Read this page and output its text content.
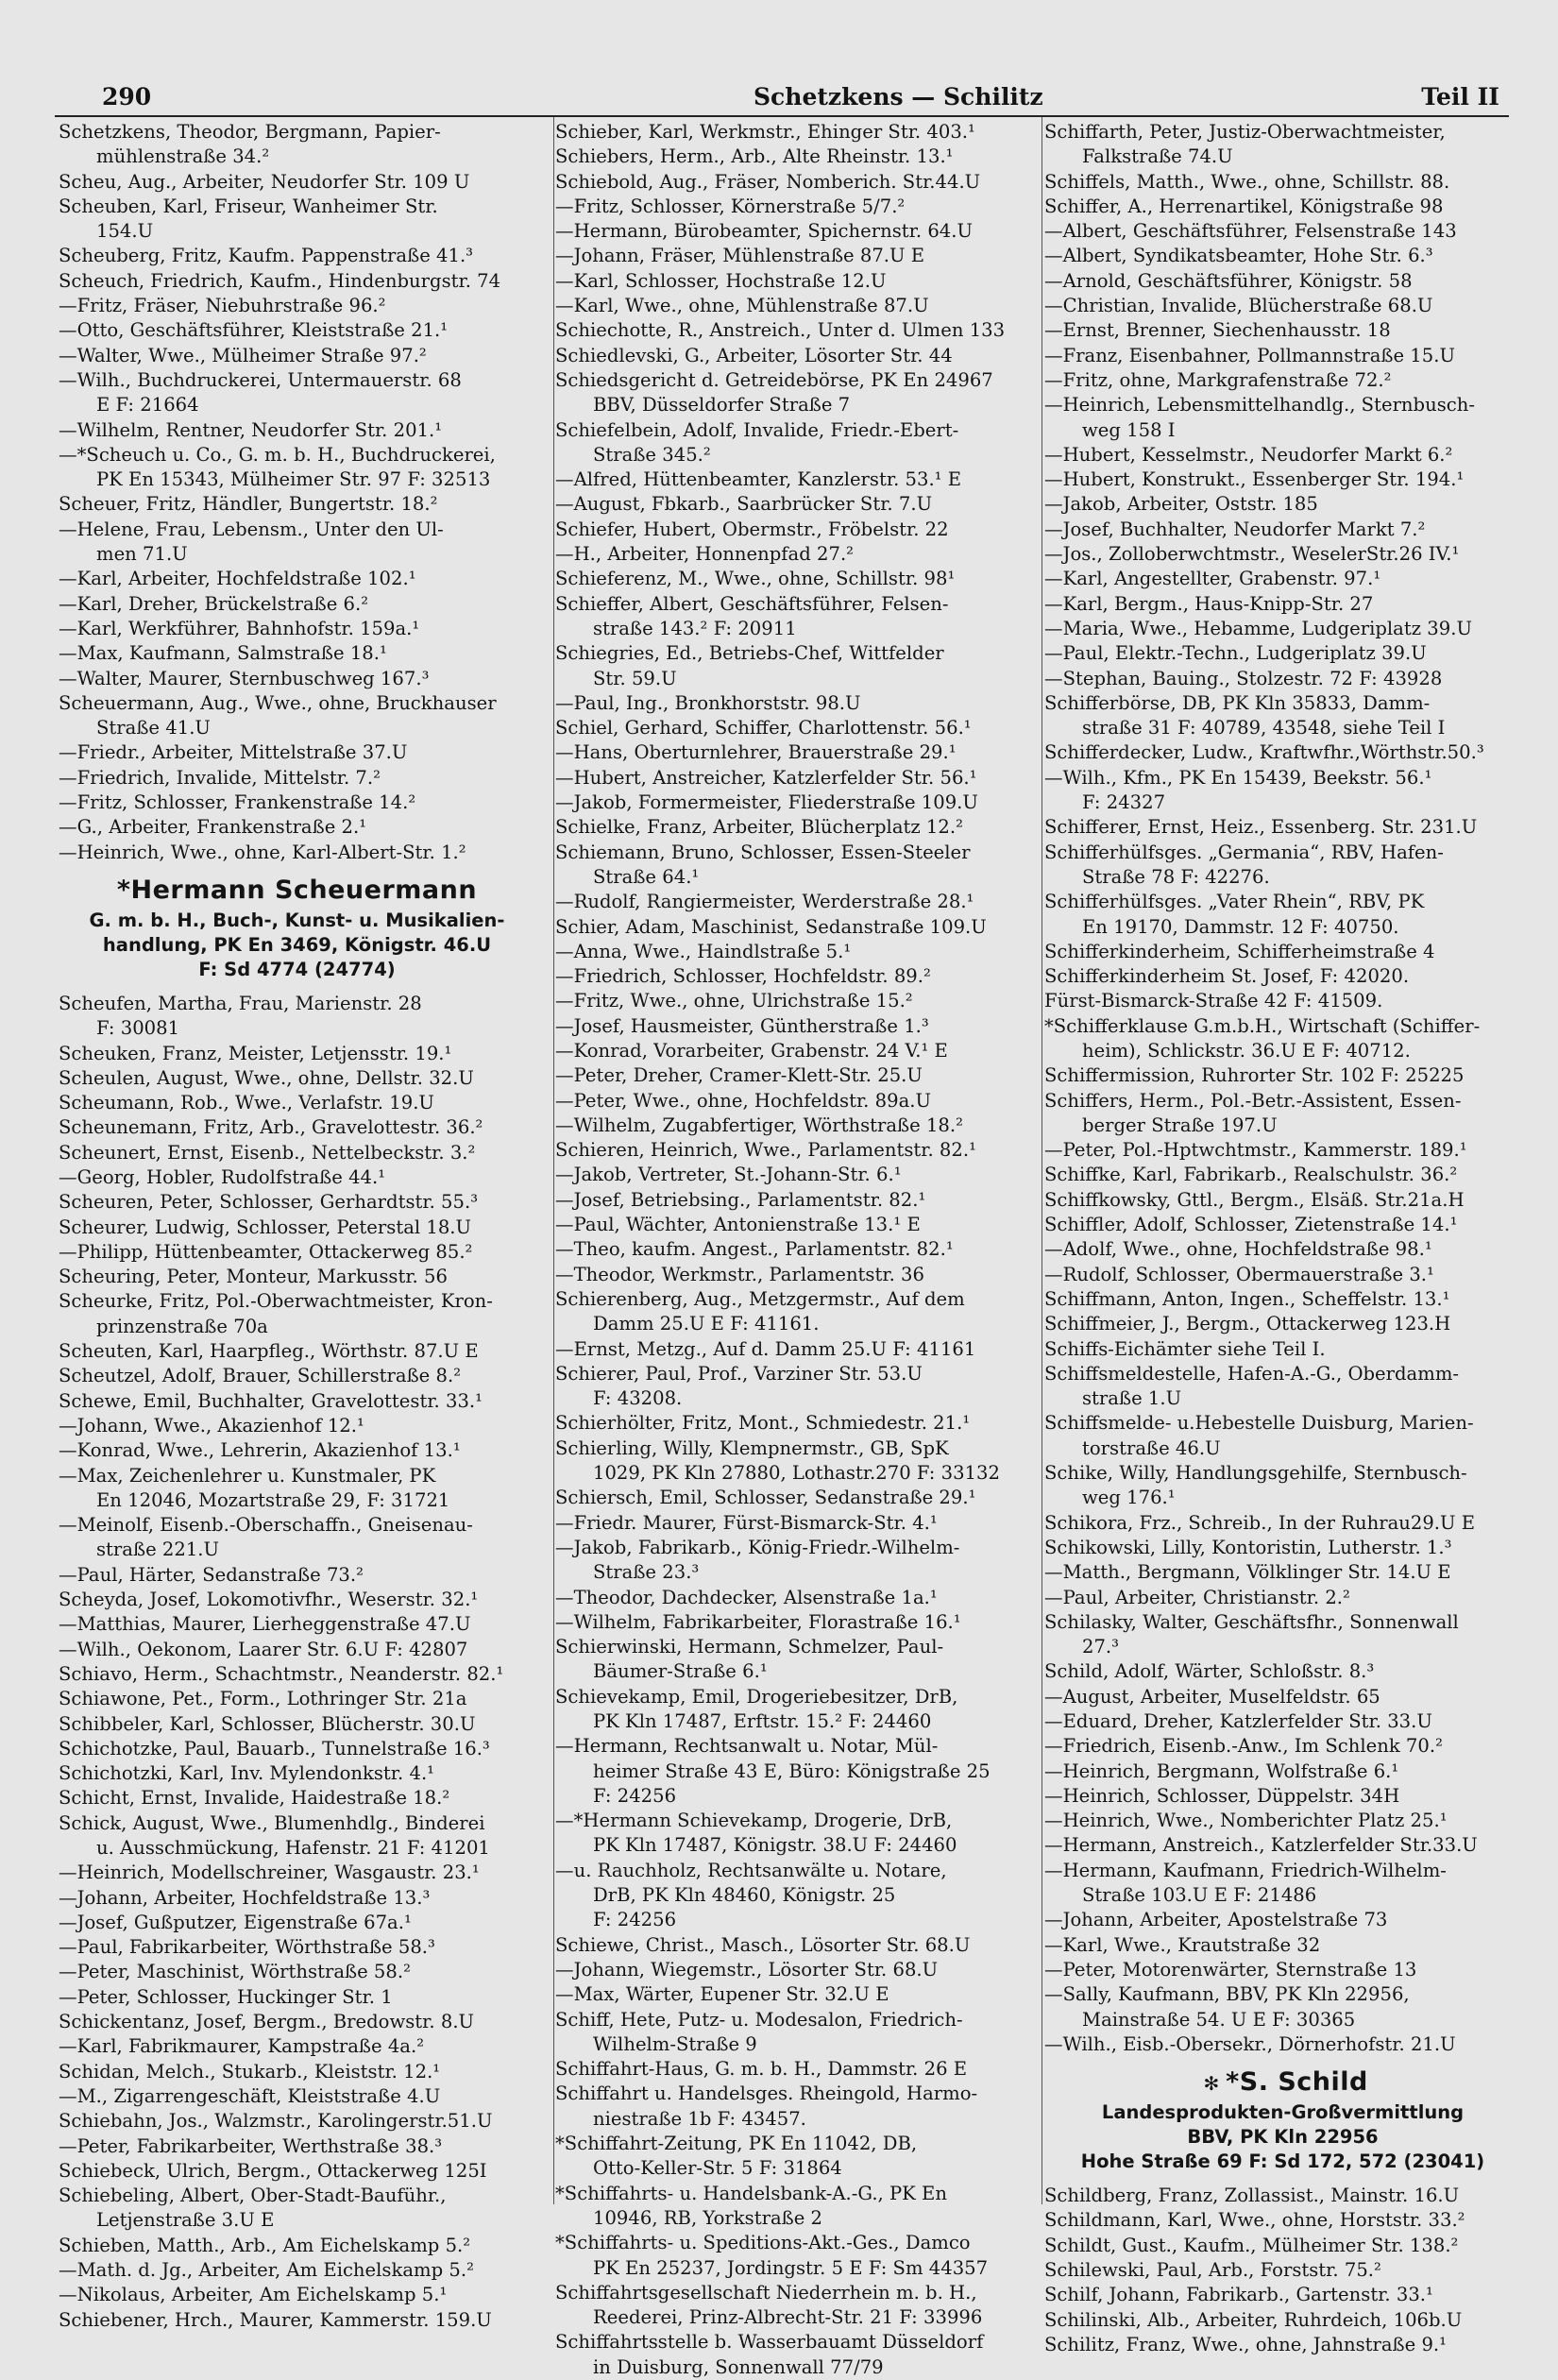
290	Schetzkens — Schilitz	Teil II
Schetzkens, Theodor, Bergmann, Papier-
mühlenstraße 34.²
Scheu, Aug., Arbeiter, Neudorfer Str. 109 U
Scheuben, Karl, Friseur, Wanheimer Str.
154.U
Scheuberg, Fritz, Kaufm. Pappenstraße 41.³
Scheuch, Friedrich, Kaufm., Hindenburgstr. 74
—Fritz, Fräser, Niebuhrstraße 96.²
—Otto, Geschäftsführer, Kleiststraße 21.¹
—Walter, Wwe., Mülheimer Straße 97.²
—Wilh., Buchdruckerei, Untermauerstr. 68
E F: 21664
—Wilhelm, Rentner, Neudorfer Str. 201.¹
—*Scheuch u. Co., G. m. b. H., Buchdruckerei,
PK En 15343, Mülheimer Str. 97 F: 32513
Scheuer, Fritz, Händler, Bungertstr. 18.²
—Helene, Frau, Lebensm., Unter den Ul-
men 71.U
—Karl, Arbeiter, Hochfeldstraße 102.¹
—Karl, Dreher, Brückelstraße 6.²
—Karl, Werkführer, Bahnhofstr. 159a.¹
—Max, Kaufmann, Salmstraße 18.¹
—Walter, Maurer, Sternbuschweg 167.³
Scheuermann, Aug., Wwe., ohne, Bruckhauser
Straße 41.U
—Friedr., Arbeiter, Mittelstraße 37.U
—Friedrich, Invalide, Mittelstr. 7.²
—Fritz, Schlosser, Frankenstraße 14.²
—G., Arbeiter, Frankenstraße 2.¹
—Heinrich, Wwe., ohne, Karl-Albert-Str. 1.²
*Hermann Scheuermann
G. m. b. H., Buch-, Kunst- u. Musikalien-
handlung, PK En 3469, Königstr. 46.U
F: Sd 4774 (24774)
Scheufen, Martha, Frau, Marienstr. 28
F: 30081
Scheuken, Franz, Meister, Letjensstr. 19.¹
Scheulen, August, Wwe., ohne, Dellstr. 32.U
Scheumann, Rob., Wwe., Verlafstr. 19.U
Scheunemann, Fritz, Arb., Gravelottestr. 36.²
Scheunert, Ernst, Eisenb., Nettelbeckstr. 3.²
—Georg, Hobler, Rudolfstraße 44.¹
Scheuren, Peter, Schlosser, Gerhardtstr. 55.³
Scheurer, Ludwig, Schlosser, Peterstal 18.U
—Philipp, Hüttenbeamter, Ottackerweg 85.²
Scheuring, Peter, Monteur, Markusstr. 56
Scheurke, Fritz, Pol.-Oberwachtmeister, Kron-
prinzenstraße 70a
Scheuten, Karl, Haarpfleg., Wörthstr. 87.U E
Scheutzel, Adolf, Brauer, Schillerstraße 8.²
Schewe, Emil, Buchhalter, Gravelottestr. 33.¹
—Johann, Wwe., Akazienhof 12.¹
—Konrad, Wwe., Lehrerin, Akazienhof 13.¹
—Max, Zeichenlehrer u. Kunstmaler, PK
En 12046, Mozartstraße 29, F: 31721
—Meinolf, Eisenb.-Oberschaffn., Gneisenau-
straße 221.U
—Paul, Härter, Sedanstraße 73.²
Scheyda, Josef, Lokomotivfhr., Weserstr. 32.¹
—Matthias, Maurer, Lierheggenstraße 47.U
—Wilh., Oekonom, Laarer Str. 6.U F: 42807
Schiavo, Herm., Schachtmstr., Neanderstr. 82.¹
Schiawone, Pet., Form., Lothringer Str. 21a
Schibbeler, Karl, Schlosser, Blücherstr. 30.U
Schichotzke, Paul, Bauarb., Tunnelstraße 16.³
Schichotzki, Karl, Inv. Mylendonkstr. 4.¹
Schicht, Ernst, Invalide, Haidestraße 18.²
Schick, August, Wwe., Blumenhdlg., Binderei
u. Ausschmückung, Hafenstr. 21 F: 41201
—Heinrich, Modellschreiner, Wasgaustr. 23.¹
—Johann, Arbeiter, Hochfeldstraße 13.³
—Josef, Gußputzer, Eigenstraße 67a.¹
—Paul, Fabrikarbeiter, Wörthstraße 58.³
—Peter, Maschinist, Wörthstraße 58.²
—Peter, Schlosser, Huckinger Str. 1
Schickentanz, Josef, Bergm., Bredowstr. 8.U
—Karl, Fabrikmaurer, Kampstraße 4a.²
Schidan, Melch., Stukarb., Kleiststr. 12.¹
—M., Zigarrengeschäft, Kleiststraße 4.U
Schiebahn, Jos., Walzmstr., Karolingerstr.51.U
—Peter, Fabrikarbeiter, Werthstraße 38.³
Schiebeck, Ulrich, Bergm., Ottackerweg 125I
Schiebeling, Albert, Ober-Stadt-Bauführ.,
Letjenstraße 3.U E
Schieben, Matth., Arb., Am Eichelskamp 5.²
—Math. d. Jg., Arbeiter, Am Eichelskamp 5.²
—Nikolaus, Arbeiter, Am Eichelskamp 5.¹
Schiebener, Hrch., Maurer, Kammerstr. 159.U
Schieber, Karl, Werkmstr., Ehinger Str. 403.¹
Schiebers, Herm., Arb., Alte Rheinstr. 13.¹
Schiebold, Aug., Fräser, Nomberich. Str.44.U
—Fritz, Schlosser, Körnerstraße 5/7.²
—Hermann, Bürobeamter, Spichernstr. 64.U
—Johann, Fräser, Mühlenstraße 87.U E
—Karl, Schlosser, Hochstraße 12.U
—Karl, Wwe., ohne, Mühlenstraße 87.U
Schiechotte, R., Anstreich., Unter d. Ulmen 133
Schiedlevski, G., Arbeiter, Lösorter Str. 44
Schiedsgericht d. Getreidebörse, PK En 24967
BBV, Düsseldorfer Straße 7
Schiefelbein, Adolf, Invalide, Friedr.-Ebert-
Straße 345.²
—Alfred, Hüttenbeamter, Kanzlerstr. 53.¹ E
—August, Fbkarb., Saarbrücker Str. 7.U
Schiefer, Hubert, Obermstr., Fröbelstr. 22
—H., Arbeiter, Honnenpfad 27.²
Schieferenz, M., Wwe., ohne, Schillstr. 98¹
Schieffer, Albert, Geschäftsführer, Felsen-
straße 143.² F: 20911
Schiegries, Ed., Betriebs-Chef, Wittfelder
Str. 59.U
—Paul, Ing., Bronkhorststr. 98.U
Schiel, Gerhard, Schiffer, Charlottenstr. 56.¹
—Hans, Oberturnlehrer, Brauerstraße 29.¹
—Hubert, Anstreicher, Katzlerfelder Str. 56.¹
—Jakob, Formermeister, Fliederstraße 109.U
Schielke, Franz, Arbeiter, Blücherplatz 12.²
Schiemann, Bruno, Schlosser, Essen-Steeler
Straße 64.¹
—Rudolf, Rangiermeister, Werderstraße 28.¹
Schier, Adam, Maschinist, Sedanstraße 109.U
—Anna, Wwe., Haindlstraße 5.¹
—Friedrich, Schlosser, Hochfeldstr. 89.²
—Fritz, Wwe., ohne, Ulrichstraße 15.²
—Josef, Hausmeister, Güntherstraße 1.³
—Konrad, Vorarbeiter, Grabenstr. 24 V.¹ E
—Peter, Dreher, Cramer-Klett-Str. 25.U
—Peter, Wwe., ohne, Hochfeldstr. 89a.U
—Wilhelm, Zugabfertiger, Wörthstraße 18.²
Schieren, Heinrich, Wwe., Parlamentstr. 82.¹
—Jakob, Vertreter, St.-Johann-Str. 6.¹
—Josef, Betriebsing., Parlamentstr. 82.¹
—Paul, Wächter, Antonienstraße 13.¹ E
—Theo, kaufm. Angest., Parlamentstr. 82.¹
—Theodor, Werkmstr., Parlamentstr. 36
Schierenberg, Aug., Metzgermstr., Auf dem
Damm 25.U E F: 41161.
—Ernst, Metzg., Auf d. Damm 25.U F: 41161
Schierer, Paul, Prof., Varziner Str. 53.U
F: 43208.
Schierhölter, Fritz, Mont., Schmiedestr. 21.¹
Schierling, Willy, Klempnermstr., GB, SpK
1029, PK Kln 27880, Lothastr.270 F: 33132
Schiersch, Emil, Schlosser, Sedanstraße 29.¹
—Friedr. Maurer, Fürst-Bismarck-Str. 4.¹
—Jakob, Fabrikarb., König-Friedr.-Wilhelm-
Straße 23.³
—Theodor, Dachdecker, Alsenstraße 1a.¹
—Wilhelm, Fabrikarbeiter, Florastraße 16.¹
Schierwinski, Hermann, Schmelzer, Paul-
Bäumer-Straße 6.¹
Schievekamp, Emil, Drogeriebesitzer, DrB,
PK Kln 17487, Erftstr. 15.² F: 24460
—Hermann, Rechtsanwalt u. Notar, Mül-
heimer Straße 43 E, Büro: Königstraße 25
F: 24256
—*Hermann Schievekamp, Drogerie, DrB,
PK Kln 17487, Königstr. 38.U F: 24460
—u. Rauchholz, Rechtsanwälte u. Notare,
DrB, PK Kln 48460, Königstr. 25
F: 24256
Schiewe, Christ., Masch., Lösorter Str. 68.U
—Johann, Wiegemstr., Lösorter Str. 68.U
—Max, Wärter, Eupener Str. 32.U E
Schiff, Hete, Putz- u. Modesalon, Friedrich-
Wilhelm-Straße 9
Schiffahrt-Haus, G. m. b. H., Dammstr. 26 E
Schiffahrt u. Handelsges. Rheingold, Harmo-
niestraße 1b F: 43457.
*Schiffahrt-Zeitung, PK En 11042, DB,
Otto-Keller-Str. 5 F: 31864
*Schiffahrts- u. Handelsbank-A.-G., PK En
10946, RB, Yorkstraße 2
*Schiffahrts- u. Speditions-Akt.-Ges., Damco
PK En 25237, Jordingstr. 5 E F: Sm 44357
Schiffahrtsgesellschaft Niederrhein m. b. H.,
Reederei, Prinz-Albrecht-Str. 21 F: 33996
Schiffahrtsstelle b. Wasserbauamt Düsseldorf
in Duisburg, Sonnenwall 77/79
Schiffarth, Peter, Justiz-Oberwachtmeister,
Falkstraße 74.U
Schiffels, Matth., Wwe., ohne, Schillstr. 88.
Schiffer, A., Herrenartikel, Königstraße 98
—Albert, Geschäftsführer, Felsenstraße 143
—Albert, Syndikatsbeamter, Hohe Str. 6.³
—Arnold, Geschäftsführer, Königstr. 58
—Christian, Invalide, Blücherstraße 68.U
—Ernst, Brenner, Siechenhausstr. 18
—Franz, Eisenbahner, Pollmannstraße 15.U
—Fritz, ohne, Markgrafenstraße 72.²
—Heinrich, Lebensmittelhandlg., Sternbusch-
weg 158 I
—Hubert, Kesselmstr., Neudorfer Markt 6.²
—Hubert, Konstrukt., Essenberger Str. 194.¹
—Jakob, Arbeiter, Oststr. 185
—Josef, Buchhalter, Neudorfer Markt 7.²
—Jos., Zolloberwchtmstr., WeselerStr.26 IV.¹
—Karl, Angestellter, Grabenstr. 97.¹
—Karl, Bergm., Haus-Knipp-Str. 27
—Maria, Wwe., Hebamme, Ludgeriplatz 39.U
—Paul, Elektr.-Techn., Ludgeriplatz 39.U
—Stephan, Bauing., Stolzestr. 72 F: 43928
Schifferbörse, DB, PK Kln 35833, Damm-
straße 31 F: 40789, 43548, siehe Teil I
Schifferdecker, Ludw., Kraftwfhr.,Wörthstr.50.³
—Wilh., Kfm., PK En 15439, Beekstr. 56.¹
F: 24327
Schifferer, Ernst, Heiz., Essenberg. Str. 231.U
Schifferhülfsges. „Germania“, RBV, Hafen-
Straße 78 F: 42276.
Schifferhülfsges. „Vater Rhein“, RBV, PK
En 19170, Dammstr. 12 F: 40750.
Schifferkinderheim, Schifferheimstraße 4
Schifferkinderheim St. Josef, F: 42020.
Fürst-Bismarck-Straße 42 F: 41509.
*Schifferklause G.m.b.H., Wirtschaft (Schiffer-
heim), Schlickstr. 36.U E F: 40712.
Schiffermission, Ruhrorter Str. 102 F: 25225
Schiffers, Herm., Pol.-Betr.-Assistent, Essen-
berger Straße 197.U
—Peter, Pol.-Hptwchtmstr., Kammerstr. 189.¹
Schiffke, Karl, Fabrikarb., Realschulstr. 36.²
Schiffkowsky, Gttl., Bergm., Elsäß. Str.21a.H
Schiffler, Adolf, Schlosser, Zietenstraße 14.¹
—Adolf, Wwe., ohne, Hochfeldstraße 98.¹
—Rudolf, Schlosser, Obermauerstraße 3.¹
Schiffmann, Anton, Ingen., Scheffelstr. 13.¹
Schiffmeier, J., Bergm., Ottackerweg 123.H
Schiffs-Eichämter siehe Teil I.
Schiffsmeldestelle, Hafen-A.-G., Oberdamm-
straße 1.U
Schiffsmelde- u.Hebestelle Duisburg, Marien-
torstraße 46.U
Schike, Willy, Handlungsgehilfe, Sternbusch-
weg 176.¹
Schikora, Frz., Schreib., In der Ruhrau29.U E
Schikowski, Lilly, Kontoristin, Lutherstr. 1.³
—Matth., Bergmann, Völklinger Str. 14.U E
—Paul, Arbeiter, Christianstr. 2.²
Schilasky, Walter, Geschäftsfhr., Sonnenwall
27.³
Schild, Adolf, Wärter, Schloßstr. 8.³
—August, Arbeiter, Muselfeldstr. 65
—Eduard, Dreher, Katzlerfelder Str. 33.U
—Friedrich, Eisenb.-Anw., Im Schlenk 70.²
—Heinrich, Bergmann, Wolfstraße 6.¹
—Heinrich, Schlosser, Düppelstr. 34H
—Heinrich, Wwe., Nomberichter Platz 25.¹
—Hermann, Anstreich., Katzlerfelder Str.33.U
—Hermann, Kaufmann, Friedrich-Wilhelm-
Straße 103.U E F: 21486
—Johann, Arbeiter, Apostelstraße 73
—Karl, Wwe., Krautstraße 32
—Peter, Motorenwärter, Sternstraße 13
—Sally, Kaufmann, BBV, PK Kln 22956,
Mainstraße 54. U E F: 30365
—Wilh., Eisb.-Obersekr., Dörnerhofstr. 21.U
✻ *S. Schild
Landesprodukten-Großvermittlung
BBV, PK Kln 22956
Hohe Straße 69 F: Sd 172, 572 (23041)
Schildberg, Franz, Zollassist., Mainstr. 16.U
Schildmann, Karl, Wwe., ohne, Horststr. 33.²
Schildt, Gust., Kaufm., Mülheimer Str. 138.²
Schilewski, Paul, Arb., Forststr. 75.²
Schilf, Johann, Fabrikarb., Gartenstr. 33.¹
Schilinski, Alb., Arbeiter, Ruhrdeich, 106b.U
Schilitz, Franz, Wwe., ohne, Jahnstraße 9.¹
